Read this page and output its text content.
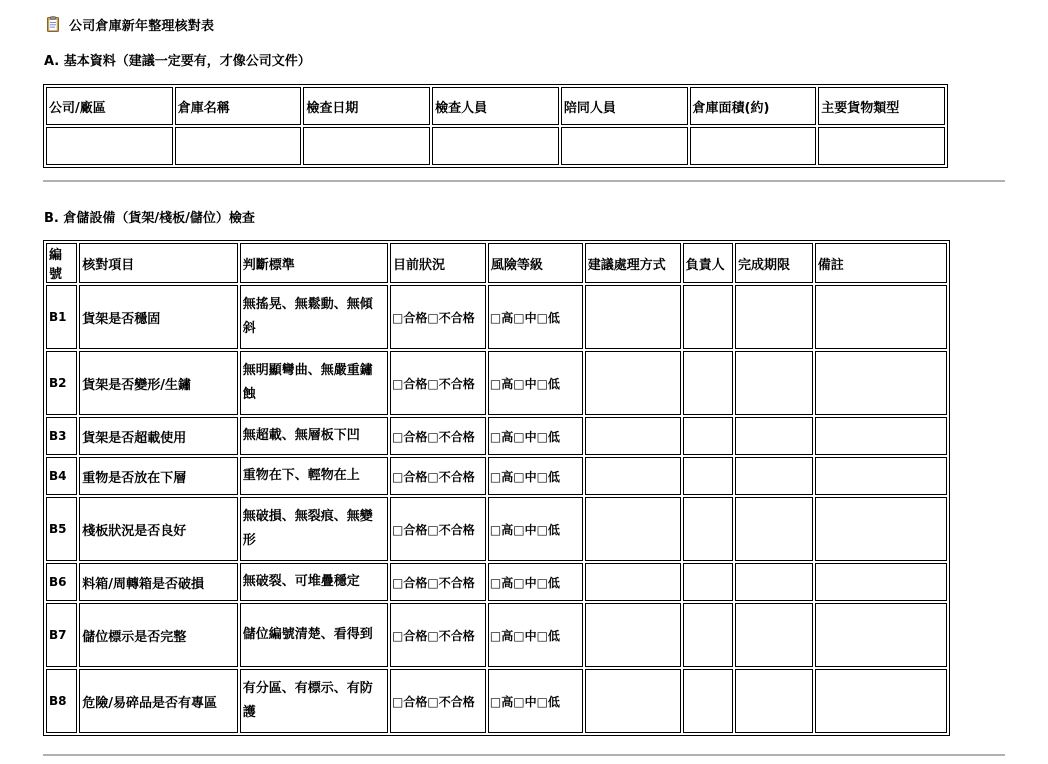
公司倉庫新年整理核對表
A. 基本資料（建議一定要有，才像公司文件）
公司/廠區	倉庫名稱	檢查日期	檢查人員	陪同人員	倉庫面積(約)	主要貨物類型

B. 倉儲設備（貨架/棧板/儲位）檢查
編號	核對項目	判斷標準	目前狀況	風險等級	建議處理方式	負責人	完成期限	備註
B1	貨架是否穩固	無搖晃、無鬆動、無傾斜	□合格□不合格	□高□中□低				
B2	貨架是否變形/生鏽	無明顯彎曲、無嚴重鏽蝕	□合格□不合格	□高□中□低				
B3	貨架是否超載使用	無超載、無層板下凹	□合格□不合格	□高□中□低				
B4	重物是否放在下層	重物在下、輕物在上	□合格□不合格	□高□中□低				
B5	棧板狀況是否良好	無破損、無裂痕、無變形	□合格□不合格	□高□中□低				
B6	料箱/周轉箱是否破損	無破裂、可堆疊穩定	□合格□不合格	□高□中□低				
B7	儲位標示是否完整	儲位編號清楚、看得到	□合格□不合格	□高□中□低				
B8	危險/易碎品是否有專區	有分區、有標示、有防護	□合格□不合格	□高□中□低				
